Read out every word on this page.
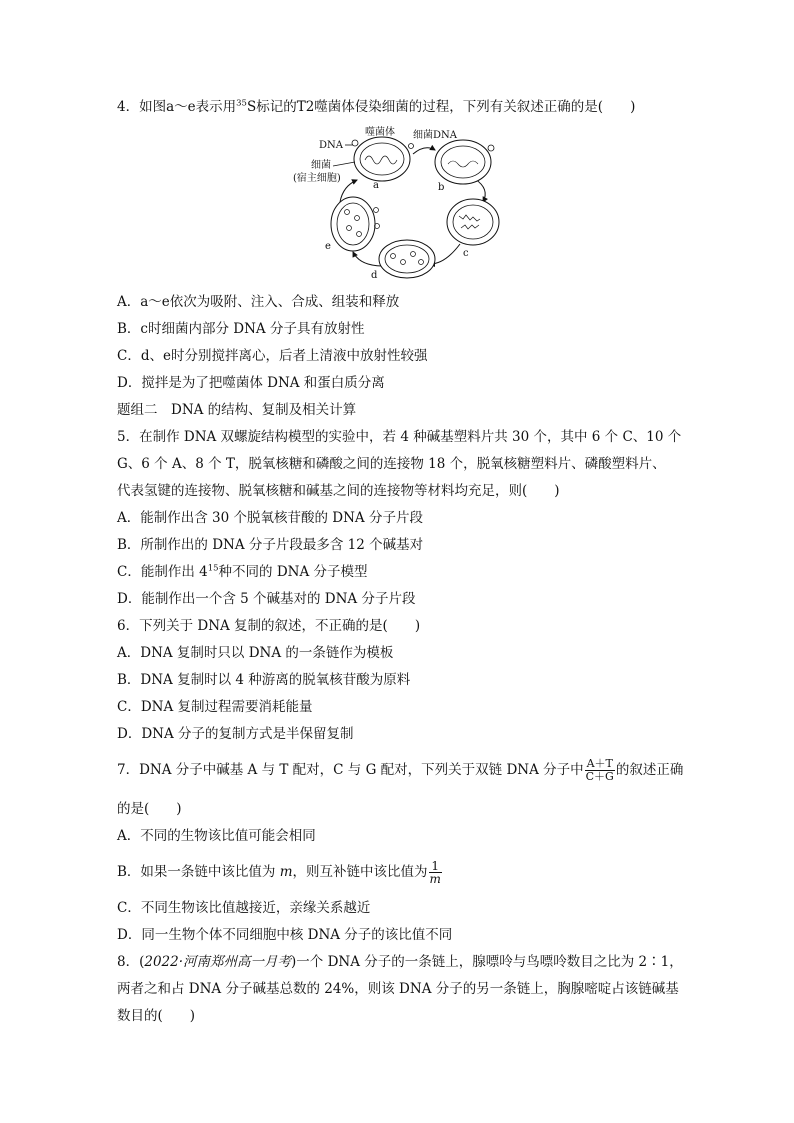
4．如图a～e表示用$^{35}$S标记的T2噬菌体侵染细菌的过程，下列有关叙述正确的是(　　)
噬菌体 细菌DNA
DNA
细菌
(宿主细胞)
a	b
c
d
e
A．a～e依次为吸附、注入、合成、组装和释放
B．c时细菌内部分 DNA 分子具有放射性
C．d、e时分别搅拌离心，后者上清液中放射性较强
D．搅拌是为了把噬菌体 DNA 和蛋白质分离
题组二　DNA 的结构、复制及相关计算
5．在制作 DNA 双螺旋结构模型的实验中，若 4 种碱基塑料片共 30 个，其中 6 个 C、10 个
G、6 个 A、8 个 T，脱氧核糖和磷酸之间的连接物 18 个，脱氧核糖塑料片、磷酸塑料片、
代表氢键的连接物、脱氧核糖和碱基之间的连接物等材料均充足，则(　　)
A．能制作出含 30 个脱氧核苷酸的 DNA 分子片段
B．所制作出的 DNA 分子片段最多含 12 个碱基对
C．能制作出 $4^{15}$种不同的 DNA 分子模型
D．能制作出一个含 5 个碱基对的 DNA 分子片段
6．下列关于 DNA 复制的叙述，不正确的是(　　)
A．DNA 复制时只以 DNA 的一条链作为模板
B．DNA 复制时以 4 种游离的脱氧核苷酸为原料
C．DNA 复制过程需要消耗能量
D．DNA 分子的复制方式是半保留复制
7．DNA 分子中碱基 A 与 T 配对，C 与 G 配对，下列关于双链 DNA 分子中 $\frac{A+T}{C+G}$ 的叙述正确
的是(　　)
A．不同的生物该比值可能会相同
B．如果一条链中该比值为 m，则互补链中该比值为 $\frac{1}{m}$
C．不同生物该比值越接近，亲缘关系越近
D．同一生物个体不同细胞中核 DNA 分子的该比值不同
8．(2022·河南郑州高一月考)一个 DNA 分子的一条链上，腺嘌呤与鸟嘌呤数目之比为 2∶1，
两者之和占 DNA 分子碱基总数的 24%，则该 DNA 分子的另一条链上，胸腺嘧啶占该链碱基
数目的(　　)
